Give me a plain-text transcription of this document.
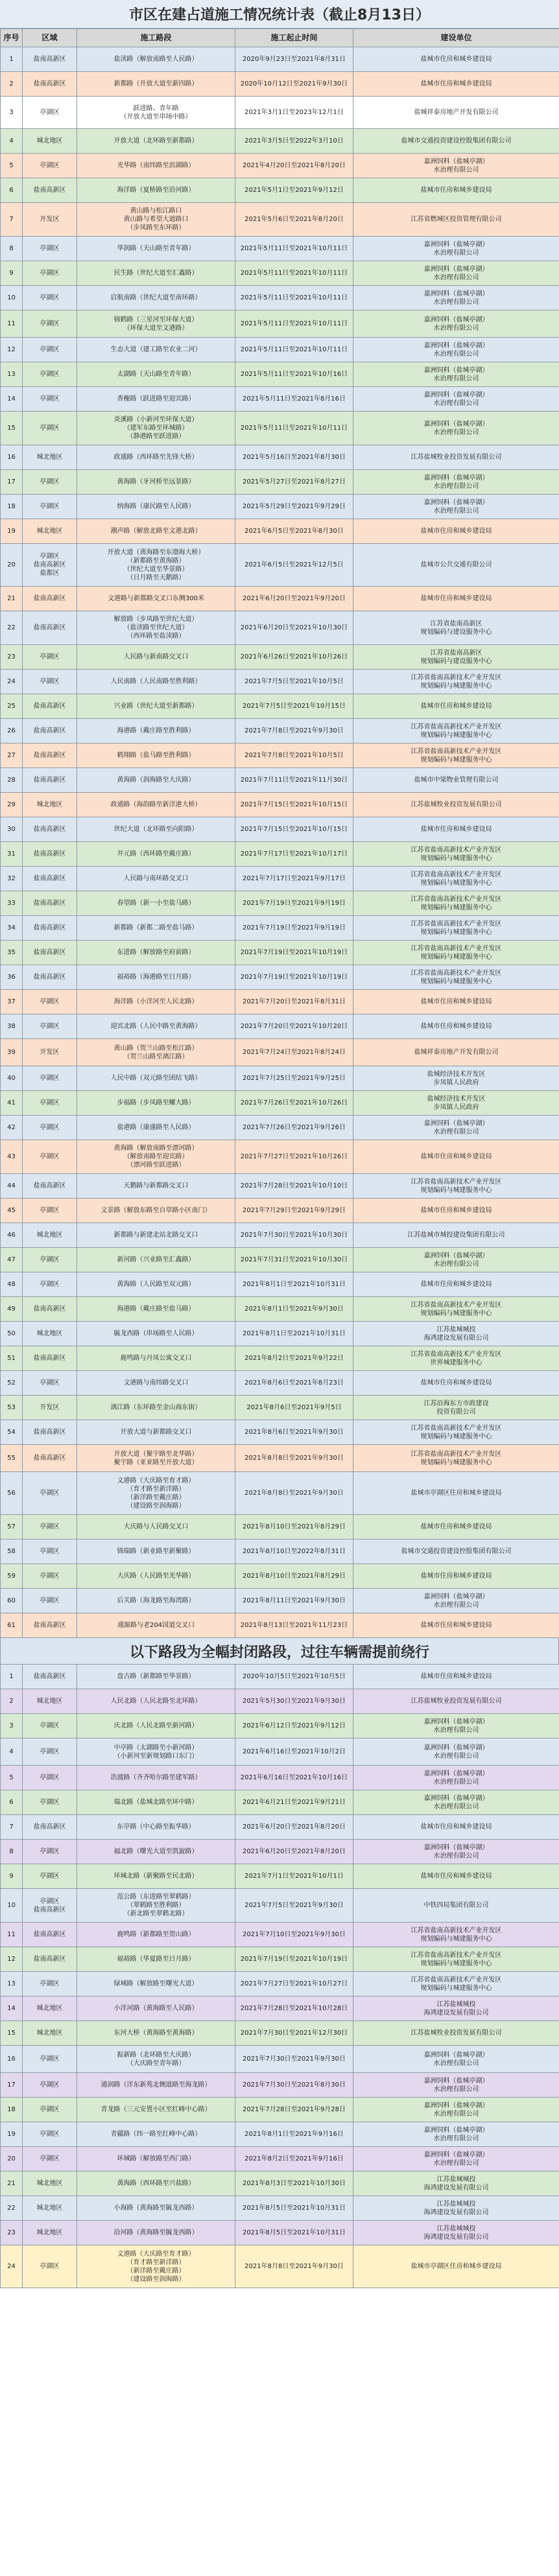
市区在建占道施工情况统计表（截止8月13日）
序号	区域	施工路段	施工起止时间	建设单位
1	盐南高新区	盐渎路（解放南路至人民路）	2020年9月23日至2021年8月31日	盐城市住房和城乡建设局
2	盐南高新区	新都路（开放大道至新四路）	2020年10月12日至2021年9月30日	盐城市住房和城乡建设局
3	亭湖区	跃进路、青年路
（开放大道至串场中路）	2021年3月1日至2023年12月1日	盐城祥泰房地产开发有限公司
4	城北地区	开放大道（北环路至新都路）	2021年3月5日至2022年3月10日	盐城市交通投资建设控股集团有限公司
5	亭湖区	光华路（南纬路至滨湖路）	2021年4月20日至2021年8月20日	嘉洲饲料（盐城亭湖）
水治理有限公司
6	盐南高新区	海洋路（夏桥路至沿河路）	2021年5月1日至2021年9月12日	盐城市住房和城乡建设局
7	开发区	黄山路与松江路口
黄山路与希望大道路口
（步凤路至东环路）	2021年5月6日至2021年8月20日	江苏省燃城区投资管理有限公司
8	亭湖区	华润路（天山路至青年路）	2021年5月11日至2021年10月11日	嘉洲饲料（盐城亭湖）
水治理有限公司
9	亭湖区	民生路（世纪大道至汇鑫路）	2021年5月11日至2021年10月11日	嘉洲饲料（盐城亭湖）
水治理有限公司
10	亭湖区	启航南路（世纪大道至南环路）	2021年5月11日至2021年10月11日	嘉洲饲料（盐城亭湖）
水治理有限公司
11	亭湖区	锦鹤路（三星河至环保大道）
（环保大道至文港路）	2021年5月11日至2021年10月11日	嘉洲饲料（盐城亭湖）
水治理有限公司
12	亭湖区	生态大道（建工路至农业二河）	2021年5月11日至2021年10月11日	嘉洲饲料（盐城亭湖）
水治理有限公司
13	亭湖区	太湖路（天山路至青年路）	2021年5月11日至2021年10月16日	嘉洲饲料（盐城亭湖）
水治理有限公司
14	亭湖区	香榭路（跃进路至迎宾路）	2021年5月11日至2021年8月16日	嘉洲饲料（盐城亭湖）
水治理有限公司
15	亭湖区	炎溪路（小新河至环保大道）
（建军东路至环城路）
（静港路至跃进路）	2021年5月11日至2021年10月11日	嘉洲饲料（盐城亭湖）
水治理有限公司
16	城北地区	政通路（西环路至先锋大桥）	2021年5月16日至2021年8月30日	江苏盐城牧业投资发展有限公司
17	亭湖区	黄海路（牙河桥至远景路）	2021年5月27日至2021年8月27日	嘉洲饲料（盐城亭湖）
水治理有限公司
18	亭湖区	纳海路（康民路至人民路）	2021年5月29日至2021年9月29日	嘉洲饲料（盐城亭湖）
水治理有限公司
19	城北地区	潮声路（解放北路至文港北路）	2021年6月5日至2021年8月30日	盐城市住房和城乡建设局
20	亭湖区
盐南高新区
盐都区	开放大道（黄海路至东渤海大桥）
（新都路至黄海路）
（世纪大道至华景路）
（日月路至天鹅路）	2021年6月5日至2021年12月5日	盐城市公共交通有限公司
21	盐南高新区	文港路与新都路交叉口东侧300米	2021年6月20日至2021年9月20日	盐城市住房和城乡建设局
22	盐南高新区	解放路（步凤路至世纪大道）
（盐渎路至世纪大道）
（西环路至盐渎路）	2021年6月20日至2021年10月30日	江苏省盐南高新区
规划编码与建设服务中心
23	亭湖区	人民路与新南路交叉口	2021年6月26日至2021年10月26日	江苏省盐南高新区
规划编码与建设服务中心
24	亭湖区	人民南路（人民南路至胜利路）	2021年7月5日至2021年10月5日	江苏省盐南高新技术产业开发区
规划编码与城建服务中心
25	盐南高新区	兴业路（世纪大道至新都路）	2021年7月5日至2021年10月15日	盐城市住房和城乡建设局
26	盐南高新区	海港路（戴庄路至胜利路）	2021年7月8日至2021年9月30日	江苏省盐南高新技术产业开发区
规划编码与城建服务中心
27	盐南高新区	鹤翔路（盐马路至胜利路）	2021年7月8日至2021年10月5日	江苏省盐南高新技术产业开发区
规划编码与城建服务中心
28	盐南高新区	黄海路（润海路至大庆路）	2021年7月11日至2021年11月30日	盐城市中梁物业管理有限公司
29	城北地区	政通路（海韵路至新洋港大桥）	2021年7月15日至2021年10月15日	江苏盐城牧业投资发展有限公司
30	盐南高新区	世纪大道（北环路至向阳路）	2021年7月15日至2021年10月15日	盐城市住房和城乡建设局
31	盐南高新区	井元路（西环路至戴庄路）	2021年7月17日至2021年10月17日	江苏省盐南高新技术产业开发区
规划编码与城建服务中心
32	盐南高新区	人民路与南环路交叉口	2021年7月17日至2021年9月17日	江苏省盐南高新技术产业开发区
规划编码与城建服务中心
33	盐南高新区	春望路（新一小至盐马路）	2021年7月19日至2021年9月19日	江苏省盐南高新技术产业开发区
规划编码与城建服务中心
34	盐南高新区	新都路（新都二路至盐马路）	2021年7月19日至2021年9月19日	江苏省盐南高新技术产业开发区
规划编码与城建服务中心
35	盐南高新区	东进路（解放路至府前路）	2021年7月19日至2021年10月19日	江苏省盐南高新技术产业开发区
规划编码与城建服务中心
36	盐南高新区	福裕路（海港路至日月路）	2021年7月19日至2021年10月19日	江苏省盐南高新技术产业开发区
规划编码与城建服务中心
37	亭湖区	海洋路（小洋河至人民北路）	2021年7月20日至2021年8月31日	盐城市住房和城乡建设局
38	亭湖区	迎宾北路（人民中路至黄海路）	2021年7月20日至2021年10月20日	盐城市住房和城乡建设局
39	开发区	黄山路（贺兰山路至松江路）
（贺兰山路至漓江路）	2021年7月24日至2021年8月24日	盐城祥泰房地产开发有限公司
40	亭湖区	人民中路（双元路至团结飞路）	2021年7月25日至2021年9月25日	盐城经济技术开发区
步凤镇人民政府
41	亭湖区	步福路（步凤路至螺大路）	2021年7月26日至2021年10月26日	盐城经济技术开发区
步凤镇人民政府
42	亭湖区	盐港路（康盛路至人民路）	2021年7月26日至2021年9月26日	嘉洲饲料（盐城亭湖）
水治理有限公司
43	亭湖区	黄海路（解放南路至漂河路）
（解放南路至迎宾路）
（漂河路至跃进路）	2021年7月27日至2021年10月26日	盐城市住房和城乡建设局
44	盐南高新区	天鹅路与新都路交叉口	2021年7月28日至2021年10月10日	江苏省盐南高新技术产业开发区
规划编码与城建服务中心
45	亭湖区	文景路（解放东路至自草路小区南门）	2021年7月29日至2021年9月29日	盐城市住房和城乡建设局
46	城北地区	新都路与新建北站北路交叉口	2021年7月30日至2021年10月30日	江苏盐城市城投建设集团有限公司
47	亭湖区	新河路（兴业路至汇鑫路）	2021年7月31日至2021年10月30日	嘉洲饲料（盐城亭湖）
水治理有限公司
48	亭湖区	黄海路（人民路至双元路）	2021年8月1日至2021年10月31日	盐城市住房和城乡建设局
49	盐南高新区	海港路（戴庄路至盐马路）	2021年8月1日至2021年9月30日	江苏省盐南高新技术产业开发区
规划编码与城建服务中心
50	城北地区	毓龙西路（串场路至人民路）	2021年8月1日至2021年10月31日	江苏盐城城投
海鸿建设发展有限公司
51	盐南高新区	鹿鸣路与丹凤公寓交叉口	2021年8月2日至2021年9月22日	江苏省盐南高新技术产业开发区
世界城建服务中心
52	亭湖区	文港路与南纬路交叉口	2021年8月6日至2021年8月23日	盐城市住房和城乡建设局
53	开发区	漓江路（东环路至金山商东街）	2021年8月6日至2021年9月5日	江苏沿海东方市政建设
投资有限公司
54	盐南高新区	开放大道与新都路交叉口	2021年8月6日至2021年9月30日	江苏省盐南高新技术产业开发区
规划编码与城建服务中心
55	盐南高新区	开放大道（聚宇路至北华路）
聚宇路（亚亚路至开放大道）	2021年8月8日至2021年9月30日	江苏省盐南高新技术产业开发区
规划编码与城建服务中心
56	亭湖区	文港路（大庆路至育才路）
（育才路至新洋路）
（新洋路至戴庄路）
（建设路至润海路）	2021年8月8日至2021年9月30日	盐城市亭湖区住房和城乡建设局
57	亭湖区	大庆路与人民路交叉口	2021年8月10日至2021年8月29日	盐城市住房和城乡建设局
58	亭湖区	锦瑞路（新业路至新聚路）	2021年8月10日至2022年8月31日	盐城市交通投资建设控股集团有限公司
59	亭湖区	大庆路（人民路至光华路）	2021年8月10日至2021年8月29日	盐城市住房和城乡建设局
60	亭湖区	后关路（海龙路至海湾路）	2021年8月11日至2021年9月30日	嘉洲饲料（盐城亭湖）
水治理有限公司
61	盐南高新区	通源路与老204国道交叉口	2021年8月13日至2021年11月23日	盐城市住房和城乡建设局
以下路段为全幅封闭路段，过往车辆需提前绕行
1	盐南高新区	盘古路（新都路至华景路）	2020年10月5日至2021年10月5日	盐城市住房和城乡建设局
2	城北地区	人民北路（人民北路至北环路）	2021年5月30日至2021年9月30日	江苏盐城牧业投资发展有限公司
3	亭湖区	庆北路（人民北路至新河路）	2021年6月12日至2021年9月12日	嘉洲饲料（盐城亭湖）
水治理有限公司
4	亭湖区	中亭路（太湖路至小新河路）
（小新河至新规划路口东门）	2021年6月16日至2021年10月2日	嘉洲饲料（盐城亭湖）
水治理有限公司
5	亭湖区	浩渡路（齐齐哈尔路至建军路）	2021年6月16日至2021年10月16日	嘉洲饲料（盐城亭湖）
水治理有限公司
6	亭湖区	瑞北路（盐城北路至环中路）	2021年6月21日至2021年9月21日	嘉洲饲料（盐城亭湖）
水治理有限公司
7	盐南高新区	东亭路（中心路至振华路）	2021年6月20日至2021年8月20日	盐城市住房和城乡建设局
8	亭湖区	福北路（曙光大道至凯旋路）	2021年6月20日至2021年8月20日	嘉洲饲料（盐城亭湖）
水治理有限公司
9	亭湖区	环城北路（新聚路至民北路）	2021年7月1日至2021年10月1日	盐城市住房和城乡建设局
10	亭湖区
盐南高新区	范公路（东进路至翠鹤路）
（翠鹤路至胜利路）
（新北路至翠鹤北路）	2021年7月5日至2021年9月30日	中铁四局集团有限公司
11	盐南高新区	鹿鸣路（新都路至贺山路）	2021年7月10日至2021年9月30日	江苏省盐南高新技术产业开发区
规划编码与城建服务中心
12	盐南高新区	福裕路（华夏路至日月路）	2021年7月19日至2021年10月19日	江苏省盐南高新技术产业开发区
规划编码与城建服务中心
13	亭湖区	绿城路（解放路至曙光大道）	2021年7月27日至2021年10月27日	江苏省盐南高新技术产业开发区
规划编码与城建服务中心
14	城北地区	小洋河路（黄海路至人民路）	2021年7月28日至2021年10月28日	江苏盐城城投
海鸿建设发展有限公司
15	城北地区	东河大桥（黄海路至黄海路）	2021年7月30日至2021年12月30日	江苏盐城牧业投资发展有限公司
16	亭湖区	振新路（北环路至大庆路）
（大庆路至青年路）	2021年7月30日至2021年9月30日	嘉洲饲料（盐城亭湖）
水治理有限公司
17	亭湖区	通润路（洋东新苑北侧道路至海龙路）	2021年7月30日至2021年8月30日	嘉洲饲料（盐城亭湖）
水治理有限公司
18	亭湖区	青龙路（三元安置小区至红峰中心路）	2021年7月28日至2021年9月28日	嘉洲饲料（盐城亭湖）
水治理有限公司
19	亭湖区	青疆路（纬一路至红峰中心路）	2021年8月1日至2021年9月16日	嘉洲饲料（盐城亭湖）
水治理有限公司
20	亭湖区	环城路（解放路至西门路）	2021年8月2日至2021年9月16日	嘉洲饲料（盐城亭湖）
水治理有限公司
21	城北地区	黄海路（西环路至兴盐路）	2021年8月3日至2021年10月30日	江苏盐城城投
海鸿建设发展有限公司
22	城北地区	小海路（黄海路至毓龙西路）	2021年8月5日至2021年10月31日	江苏盐城城投
海鸿建设发展有限公司
23	城北地区	沿河路（黄海路至毓龙西路）	2021年8月5日至2021年10月31日	江苏盐城城投
海鸿建设发展有限公司
24	亭湖区	文港路（大庆路至育才路）
（育才路至新洋路）
（新洋路至戴庄路）
（建设路至润海路）	2021年8月8日至2021年9月30日	盐城市亭湖区住房和城乡建设局
